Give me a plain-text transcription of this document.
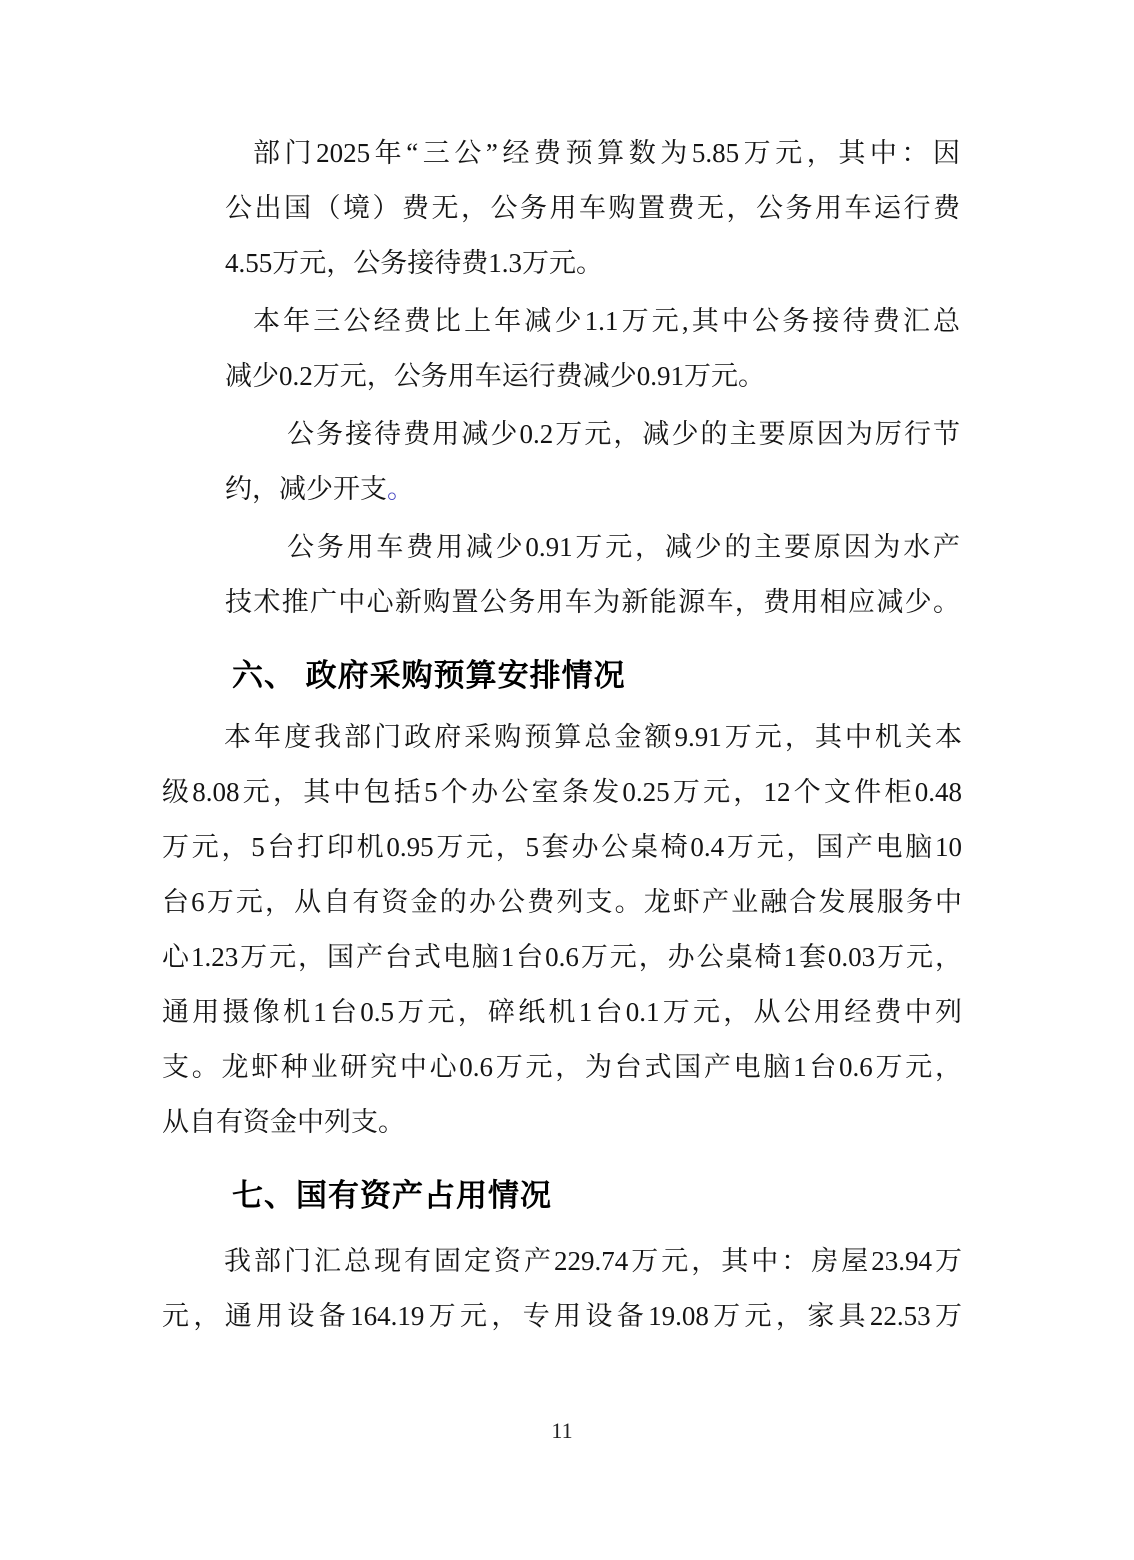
部门2025年“三公”经费预算数为5.85万元，其中：因
公出国（境）费无，公务用车购置费无，公务用车运行费
4.55万元，公务接待费1.3万元。
本年三公经费比上年减少1.1万元,其中公务接待费汇总
减少0.2万元，公务用车运行费减少0.91万元。
公务接待费用减少0.2万元，减少的主要原因为厉行节
约，减少开支。
公务用车费用减少0.91万元，减少的主要原因为水产
技术推广中心新购置公务用车为新能源车，费用相应减少。
六、 政府采购预算安排情况
本年度我部门政府采购预算总金额9.91万元，其中机关本
级8.08元，其中包括5个办公室条发0.25万元，12个文件柜0.48
万元，5台打印机0.95万元，5套办公桌椅0.4万元，国产电脑10
台6万元，从自有资金的办公费列支。龙虾产业融合发展服务中
心1.23万元，国产台式电脑1台0.6万元，办公桌椅1套0.03万元，
通用摄像机1台0.5万元，碎纸机1台0.1万元，从公用经费中列
支。龙虾种业研究中心0.6万元，为台式国产电脑1台0.6万元，
从自有资金中列支。
七、国有资产占用情况
我部门汇总现有固定资产229.74万元，其中：房屋23.94万
元，通用设备164.19万元，专用设备19.08万元，家具22.53万
11
